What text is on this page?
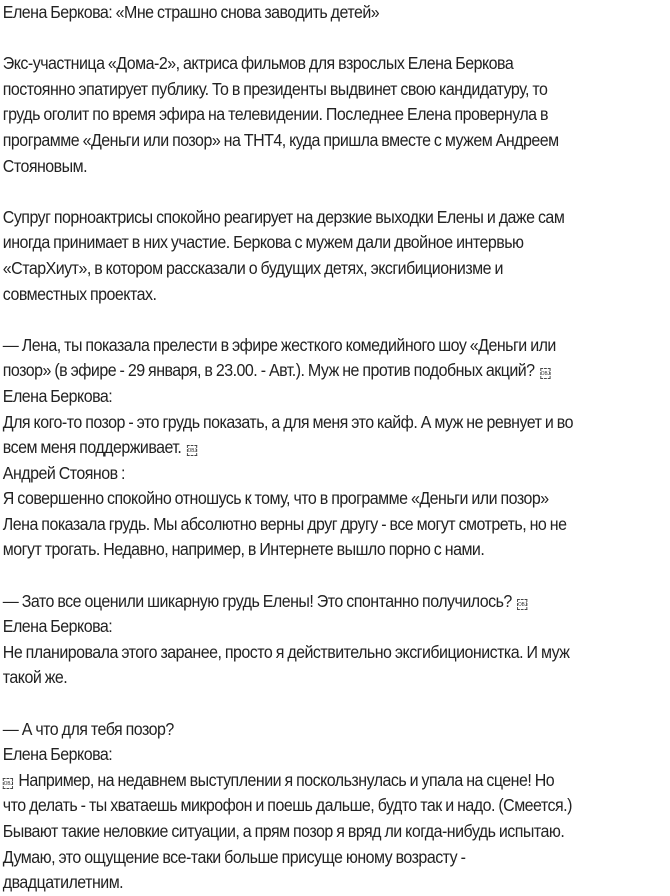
Елена Беркова: «Мне страшно снова заводить детей»

Экс-участница «Дома-2», актриса фильмов для взрослых Елена Беркова

постоянно эпатирует публику. То в президенты выдвинет свою кандидатуру, то

грудь оголит по время эфира на телевидении. Последнее Елена провернула в

программе «Деньги или позор» на ТНТ4, куда пришла вместе с мужем Андреем

Стояновым.

Супруг порноактрисы спокойно реагирует на дерзкие выходки Елены и даже сам

иногда принимает в них участие. Беркова с мужем дали двойное интервью

«СтарХиут», в котором рассказали о будущих детях, эксгибиционизме и

совместных проектах.

— Лена, ты показала прелести в эфире жесткого комедийного шоу «Деньги или

позор» (в эфире - 29 января, в 23.00. - Авт.). Муж не против подобных акций? OBJ

Елена Беркова:

Для кого-то позор - это грудь показать, а для меня это кайф. А муж не ревнует и во

всем меня поддерживает. OBJ

Андрей Стоянов :

Я совершенно спокойно отношусь к тому, что в программе «Деньги или позор»

Лена показала грудь. Мы абсолютно верны друг другу - все могут смотреть, но не

могут трогать. Недавно, например, в Интернете вышло порно с нами.

— Зато все оценили шикарную грудь Елены! Это спонтанно получилось? OBJ

Елена Беркова:

Не планировала этого заранее, просто я действительно эксгибиционистка. И муж

такой же.

— А что для тебя позор?

Елена Беркова:

OBJ Например, на недавнем выступлении я поскользнулась и упала на сцене! Но

что делать - ты хватаешь микрофон и поешь дальше, будто так и надо. (Смеется.)

Бывают такие неловкие ситуации, а прям позор я вряд ли когда-нибудь испытаю.

Думаю, это ощущение все-таки больше присуще юному возрасту -

двадцатилетним.
